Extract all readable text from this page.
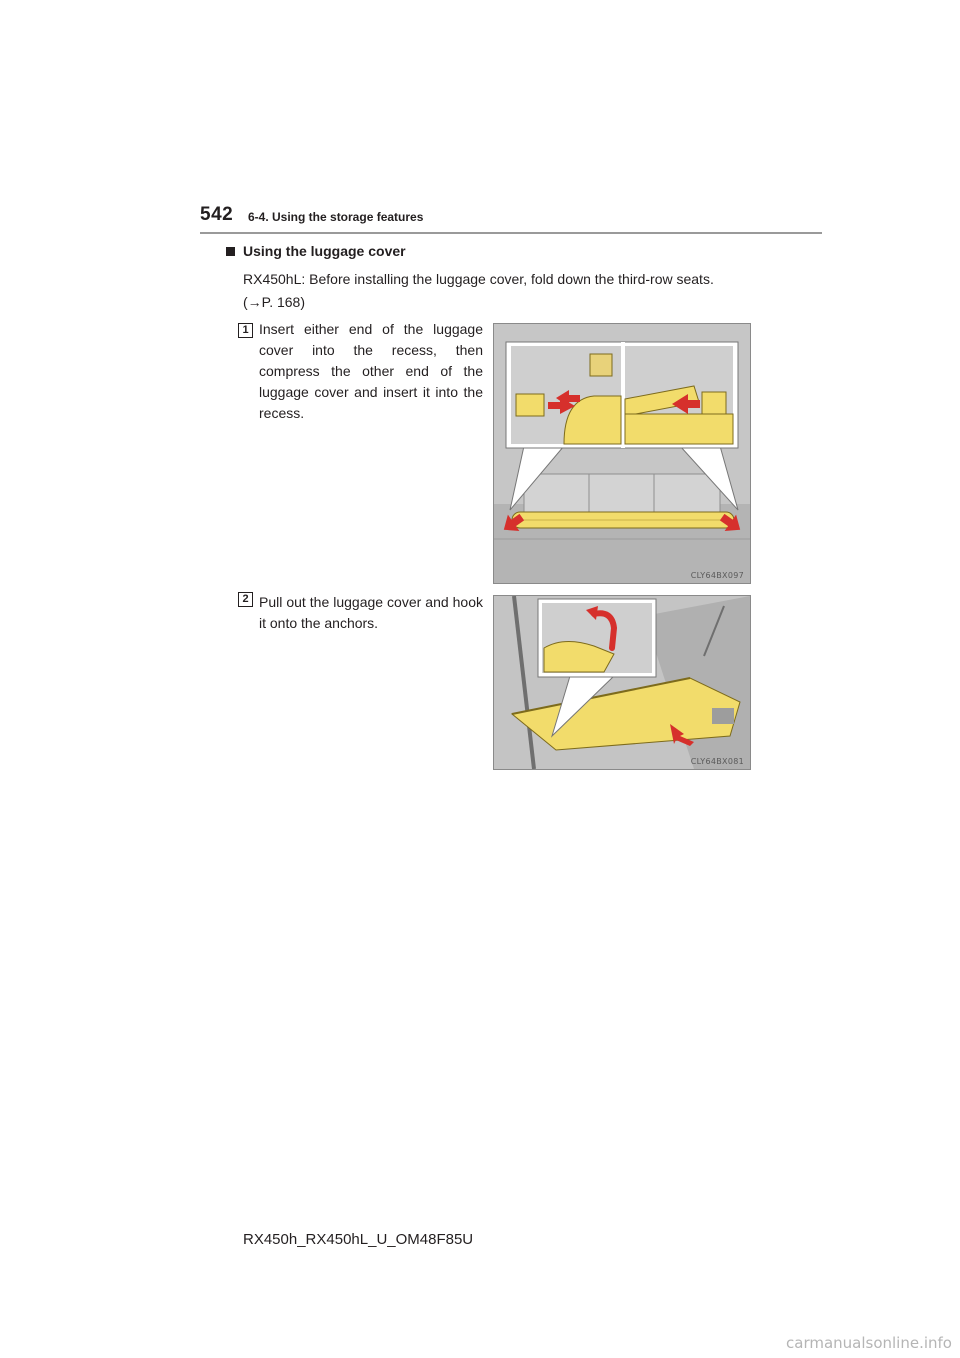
542 6-4. Using the storage features
Using the luggage cover
RX450hL: Before installing the luggage cover, fold down the third-row seats.
(→P. 168)
1 Insert either end of the luggage cover into the recess, then compress the other end of the luggage cover and insert it into the recess.
CLY64BX097
2 Pull out the luggage cover and hook it onto the anchors.
CLY64BX081
RX450h_RX450hL_U_OM48F85U
carmanualsonline.info
